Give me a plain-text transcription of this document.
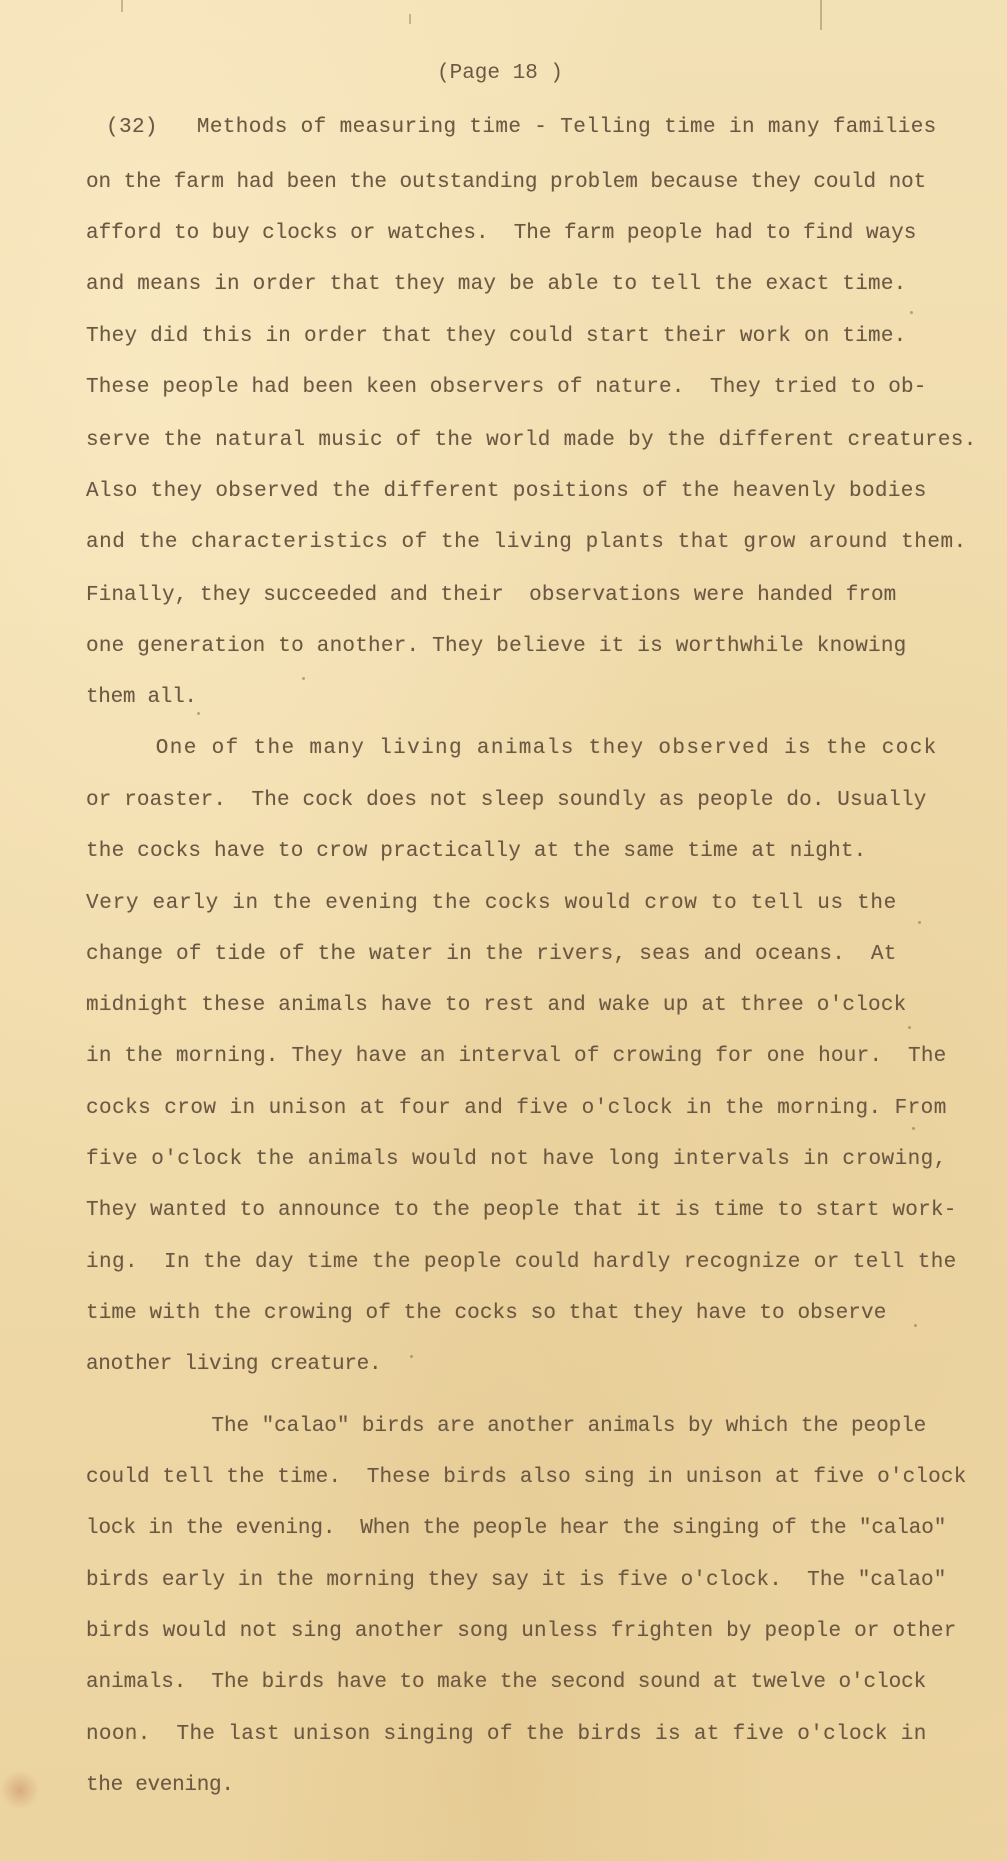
(Page 18 )
(32)   Methods of measuring time - Telling time in many families
on the farm had been the outstanding problem because they could not
afford to buy clocks or watches.  The farm people had to find ways
and means in order that they may be able to tell the exact time.
They did this in order that they could start their work on time.
These people had been keen observers of nature.  They tried to ob-
serve the natural music of the world made by the different creatures.
Also they observed the different positions of the heavenly bodies
and the characteristics of the living plants that grow around them.
Finally, they succeeded and their  observations were handed from
one generation to another. They believe it is worthwhile knowing
them all.
One of the many living animals they observed is the cock
or roaster.  The cock does not sleep soundly as people do. Usually
the cocks have to crow practically at the same time at night.
Very early in the evening the cocks would crow to tell us the
change of tide of the water in the rivers, seas and oceans.  At
midnight these animals have to rest and wake up at three o'clock
in the morning. They have an interval of crowing for one hour.  The
cocks crow in unison at four and five o'clock in the morning. From
five o'clock the animals would not have long intervals in crowing,
They wanted to announce to the people that it is time to start work-
ing.  In the day time the people could hardly recognize or tell the
time with the crowing of the cocks so that they have to observe
another living creature.
The "calao" birds are another animals by which the people
could tell the time.  These birds also sing in unison at five o'clock
lock in the evening.  When the people hear the singing of the "calao"
birds early in the morning they say it is five o'clock.  The "calao"
birds would not sing another song unless frighten by people or other
animals.  The birds have to make the second sound at twelve o'clock
noon.  The last unison singing of the birds is at five o'clock in
the evening.
